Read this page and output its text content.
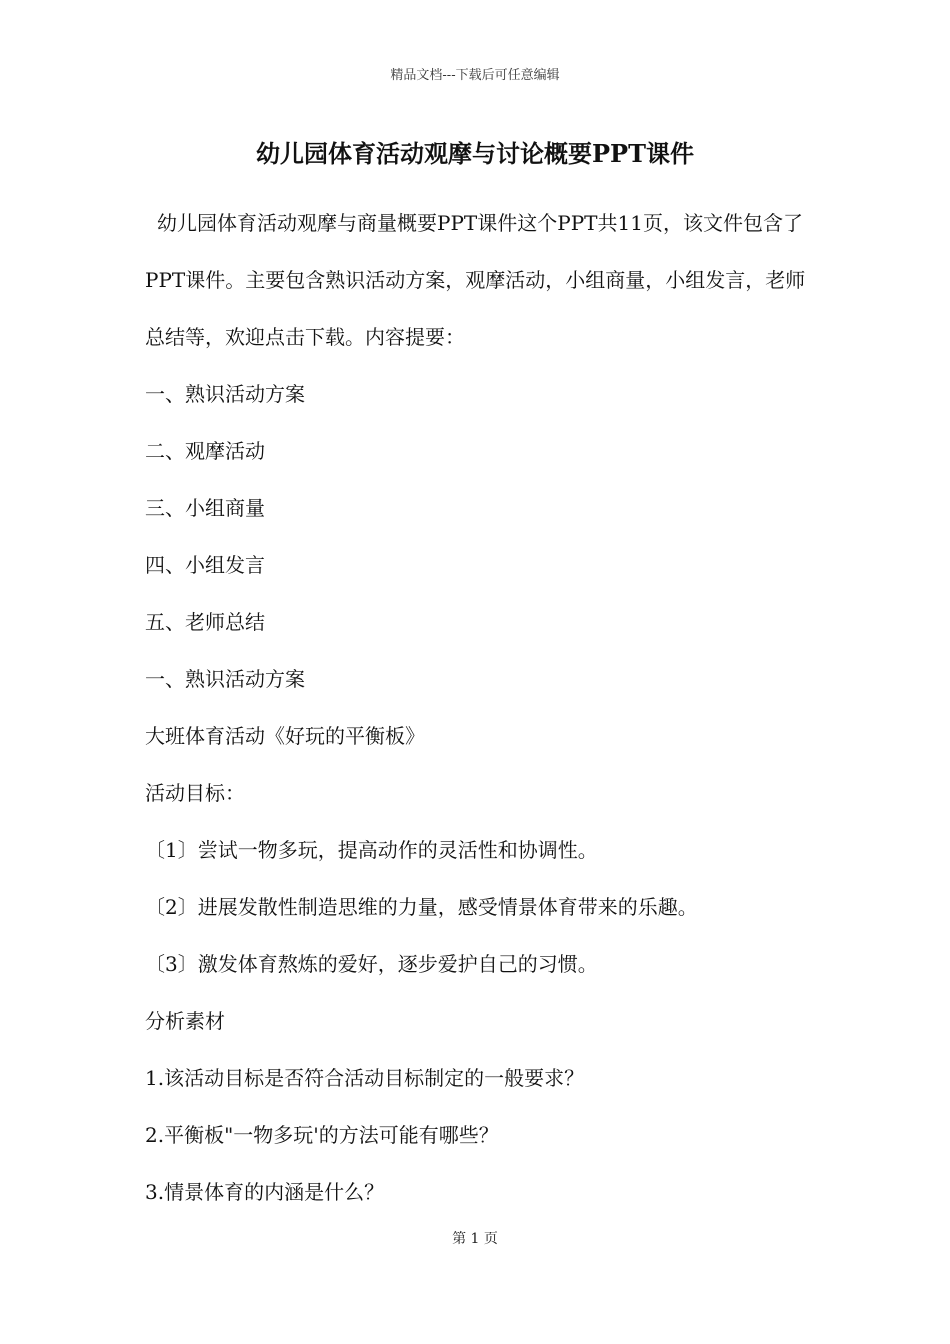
精品文档---下载后可任意编辑
幼儿园体育活动观摩与讨论概要PPT课件

幼儿园体育活动观摩与商量概要PPT课件这个PPT共11页，该文件包含了PPT课件。主要包含熟识活动方案，观摩活动，小组商量，小组发言，老师总结等，欢迎点击下载。内容提要：

一、熟识活动方案
二、观摩活动
三、小组商量
四、小组发言
五、老师总结
一、熟识活动方案
大班体育活动《好玩的平衡板》
活动目标：
〔1〕尝试一物多玩，提高动作的灵活性和协调性。
〔2〕进展发散性制造思维的力量，感受情景体育带来的乐趣。
〔3〕激发体育熬炼的爱好，逐步爱护自己的习惯。
分析素材
1.该活动目标是否符合活动目标制定的一般要求？
2.平衡板"一物多玩'的方法可能有哪些？
3.情景体育的内涵是什么？
第 1 页
